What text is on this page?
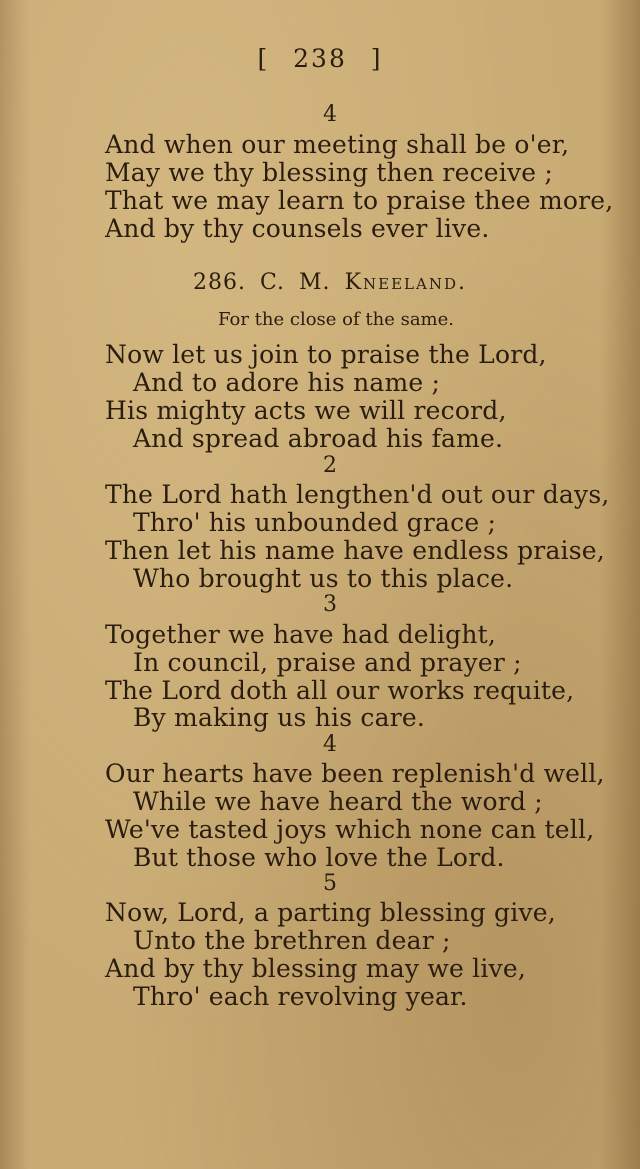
[ 238 ]
4
And when our meeting shall be o'er,
May we thy blessing then receive ;
That we may learn to praise thee more,
And by thy counsels ever live.
286. C. M. Kneeland.
For the close of the same.
Now let us join to praise the Lord,
And to adore his name ;
His mighty acts we will record,
And spread abroad his fame.
2
The Lord hath lengthen'd out our days,
Thro' his unbounded grace ;
Then let his name have endless praise,
Who brought us to this place.
3
Together we have had delight,
In council, praise and prayer ;
The Lord doth all our works requite,
By making us his care.
4
Our hearts have been replenish'd well,
While we have heard the word ;
We've tasted joys which none can tell,
But those who love the Lord.
5
Now, Lord, a parting blessing give,
Unto the brethren dear ;
And by thy blessing may we live,
Thro' each revolving year.
